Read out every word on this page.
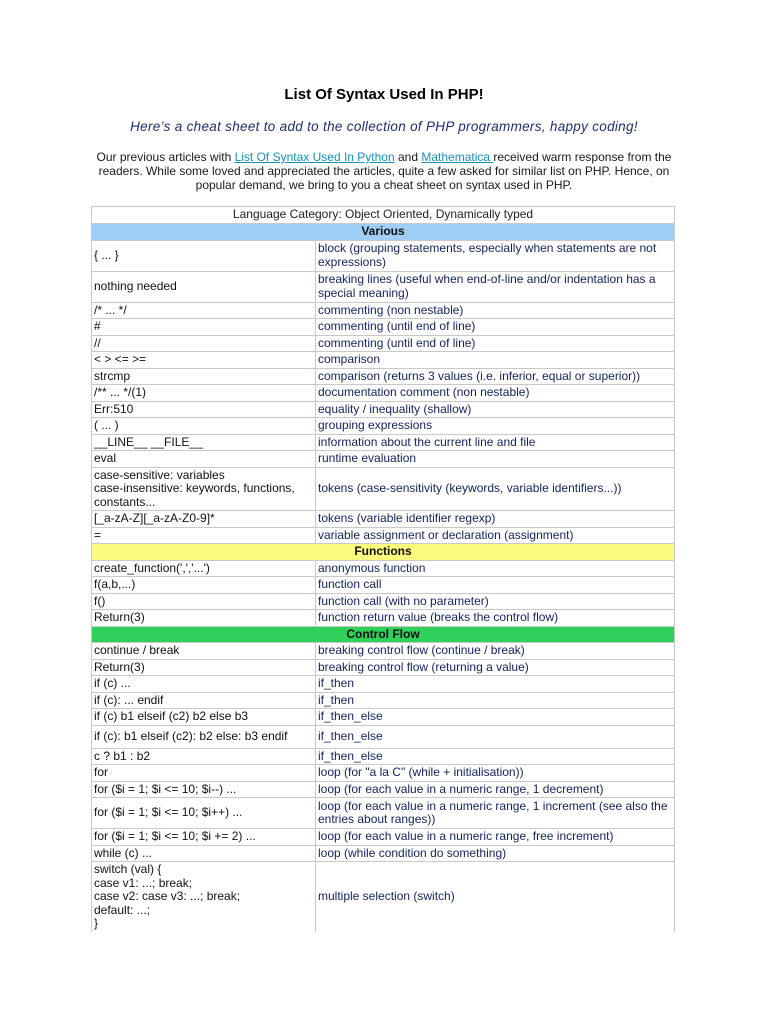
List Of Syntax Used In PHP!
Here’s a cheat sheet to add to the collection of PHP programmers, happy coding!
Our previous articles with List Of Syntax Used In Python and Mathematica received warm response from the readers. While some loved and appreciated the articles, quite a few asked for similar list on PHP. Hence, on popular demand, we bring to you a cheat sheet on syntax used in PHP.
Language Category: Object Oriented, Dynamically typed	
Various	
{ ... }	block (grouping statements, especially when statements are not expressions)
nothing needed	breaking lines (useful when end-of-line and/or indentation has a special meaning)
/* ... */	commenting (non nestable)
#	commenting (until end of line)
//	commenting (until end of line)
< > <= >=	comparison
strcmp	comparison (returns 3 values (i.e. inferior, equal or superior))
/** ... */(1)	documentation comment (non nestable)
Err:510	equality / inequality (shallow)
( ... )	grouping expressions
__LINE__ __FILE__	information about the current line and file
eval	runtime evaluation
case-sensitive: variables
case-insensitive: keywords, functions, constants...	tokens (case-sensitivity (keywords, variable identifiers...))
[_a-zA-Z][_a-zA-Z0-9]*	tokens (variable identifier regexp)
=	variable assignment or declaration (assignment)
Functions	
create_function(',','...')	anonymous function
f(a,b,...)	function call
f()	function call (with no parameter)
Return(3)	function return value (breaks the control flow)
Control Flow	
continue / break	breaking control flow (continue / break)
Return(3)	breaking control flow (returning a value)
if (c) ...	if_then
if (c): ... endif	if_then
if (c) b1 elseif (c2) b2 else b3	if_then_else
if (c): b1 elseif (c2): b2 else: b3 endif	if_then_else
c ? b1 : b2	if_then_else
for	loop (for "a la C" (while + initialisation))
for ($i = 1; $i <= 10; $i--) ...	loop (for each value in a numeric range, 1 decrement)
for ($i = 1; $i <= 10; $i++) ...	loop (for each value in a numeric range, 1 increment (see also the entries about ranges))
for ($i = 1; $i <= 10; $i += 2) ...	loop (for each value in a numeric range, free increment)
while (c) ...	loop (while condition do something)
switch (val) {
case v1: ...; break;
case v2: case v3: ...; break;
default: ...;
}	multiple selection (switch)
